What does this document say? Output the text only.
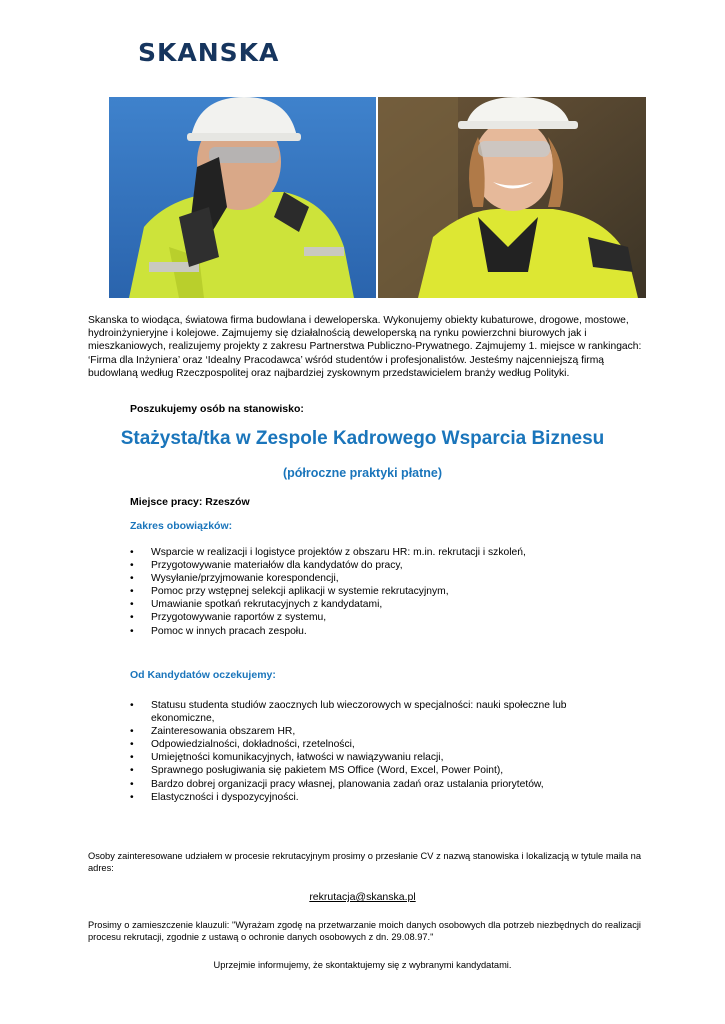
SKANSKA
Skanska to wiodąca, światowa firma budowlana i deweloperska. Wykonujemy obiekty kubaturowe, drogowe, mostowe, hydroinżynieryjne i kolejowe. Zajmujemy się działalnością deweloperską na rynku powierzchni biurowych jak i mieszkaniowych, realizujemy projekty z zakresu Partnerstwa Publiczno-Prywatnego. Zajmujemy 1. miejsce w rankingach: ‘Firma dla Inżyniera’ oraz ‘Idealny Pracodawca’ wśród studentów i profesjonalistów. Jesteśmy najcenniejszą firmą budowlaną według Rzeczpospolitej oraz najbardziej zyskownym przedstawicielem branży według Polityki.
Poszukujemy osób na stanowisko:
Stażysta/tka w Zespole Kadrowego Wsparcia Biznesu
(półroczne praktyki płatne)
Miejsce pracy: Rzeszów
Zakres obowiązków:
• Wsparcie w realizacji i logistyce projektów z obszaru HR: m.in. rekrutacji i szkoleń,
• Przygotowywanie materiałów dla kandydatów do pracy,
• Wysyłanie/przyjmowanie korespondencji,
• Pomoc przy wstępnej selekcji aplikacji w systemie rekrutacyjnym,
• Umawianie spotkań rekrutacyjnych z kandydatami,
• Przygotowywanie raportów z systemu,
• Pomoc w innych pracach zespołu.
Od Kandydatów oczekujemy:
• Statusu studenta studiów zaocznych lub wieczorowych w specjalności: nauki społeczne lub ekonomiczne,
• Zainteresowania obszarem HR,
• Odpowiedzialności, dokładności, rzetelności,
• Umiejętności komunikacyjnych, łatwości w nawiązywaniu relacji,
• Sprawnego posługiwania się pakietem MS Office (Word, Excel, Power Point),
• Bardzo dobrej organizacji pracy własnej, planowania zadań oraz ustalania priorytetów,
• Elastyczności i dyspozycyjności.
Osoby zainteresowane udziałem w procesie rekrutacyjnym prosimy o przesłanie CV z nazwą stanowiska i lokalizacją w tytule maila na adres:
rekrutacja@skanska.pl
Prosimy o zamieszczenie klauzuli: "Wyrażam zgodę na przetwarzanie moich danych osobowych dla potrzeb niezbędnych do realizacji procesu rekrutacji, zgodnie z ustawą o ochronie danych osobowych z dn. 29.08.97."
Uprzejmie informujemy, że skontaktujemy się z wybranymi kandydatami.
